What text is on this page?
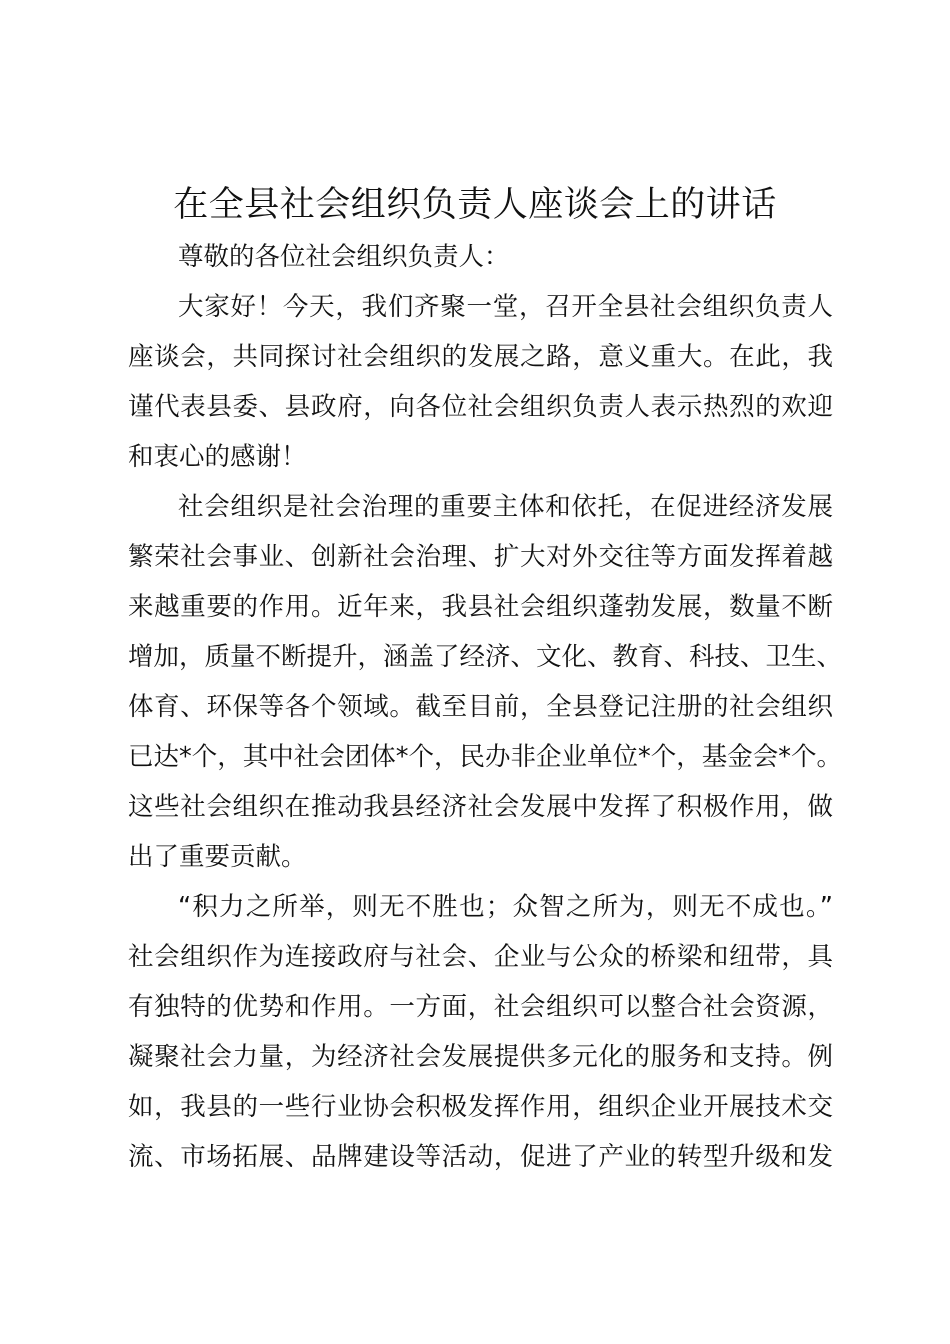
在全县社会组织负责人座谈会上的讲话
尊敬的各位社会组织负责人：
大家好！今天，我们齐聚一堂，召开全县社会组织负责人
座谈会，共同探讨社会组织的发展之路，意义重大。在此，我
谨代表县委、县政府，向各位社会组织负责人表示热烈的欢迎
和衷心的感谢！
社会组织是社会治理的重要主体和依托，在促进经济发展
繁荣社会事业、创新社会治理、扩大对外交往等方面发挥着越
来越重要的作用。近年来，我县社会组织蓬勃发展，数量不断
增加，质量不断提升，涵盖了经济、文化、教育、科技、卫生、
体育、环保等各个领域。截至目前，全县登记注册的社会组织
已达*个，其中社会团体*个，民办非企业单位*个，基金会*个。
这些社会组织在推动我县经济社会发展中发挥了积极作用，做
出了重要贡献。
“积力之所举，则无不胜也；众智之所为，则无不成也。”
社会组织作为连接政府与社会、企业与公众的桥梁和纽带，具
有独特的优势和作用。一方面，社会组织可以整合社会资源，
凝聚社会力量，为经济社会发展提供多元化的服务和支持。例
如，我县的一些行业协会积极发挥作用，组织企业开展技术交
流、市场拓展、品牌建设等活动，促进了产业的转型升级和发
